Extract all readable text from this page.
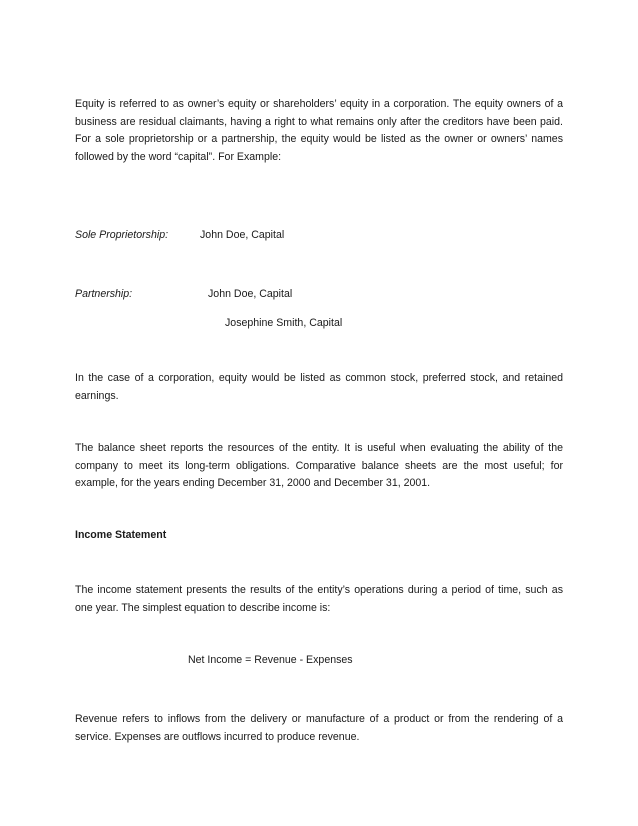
Equity is referred to as owner’s equity or shareholders’ equity in a corporation. The equity owners of a business are residual claimants, having a right to what remains only after the creditors have been paid. For a sole proprietorship or a partnership, the equity would be listed as the owner or owners’ names followed by the word “capital”. For Example:

Sole Proprietorship:	John Doe, Capital

Partnership:	John Doe, Capital

Josephine Smith, Capital

In the case of a corporation, equity would be listed as common stock, preferred stock, and retained earnings.

The balance sheet reports the resources of the entity. It is useful when evaluating the ability of the company to meet its long-term obligations. Comparative balance sheets are the most useful; for example, for the years ending December 31, 2000 and December 31, 2001.

Income Statement

The income statement presents the results of the entity’s operations during a period of time, such as one year. The simplest equation to describe income is:

Net Income = Revenue - Expenses

Revenue refers to inflows from the delivery or manufacture of a product or from the rendering of a service. Expenses are outflows incurred to produce revenue.
